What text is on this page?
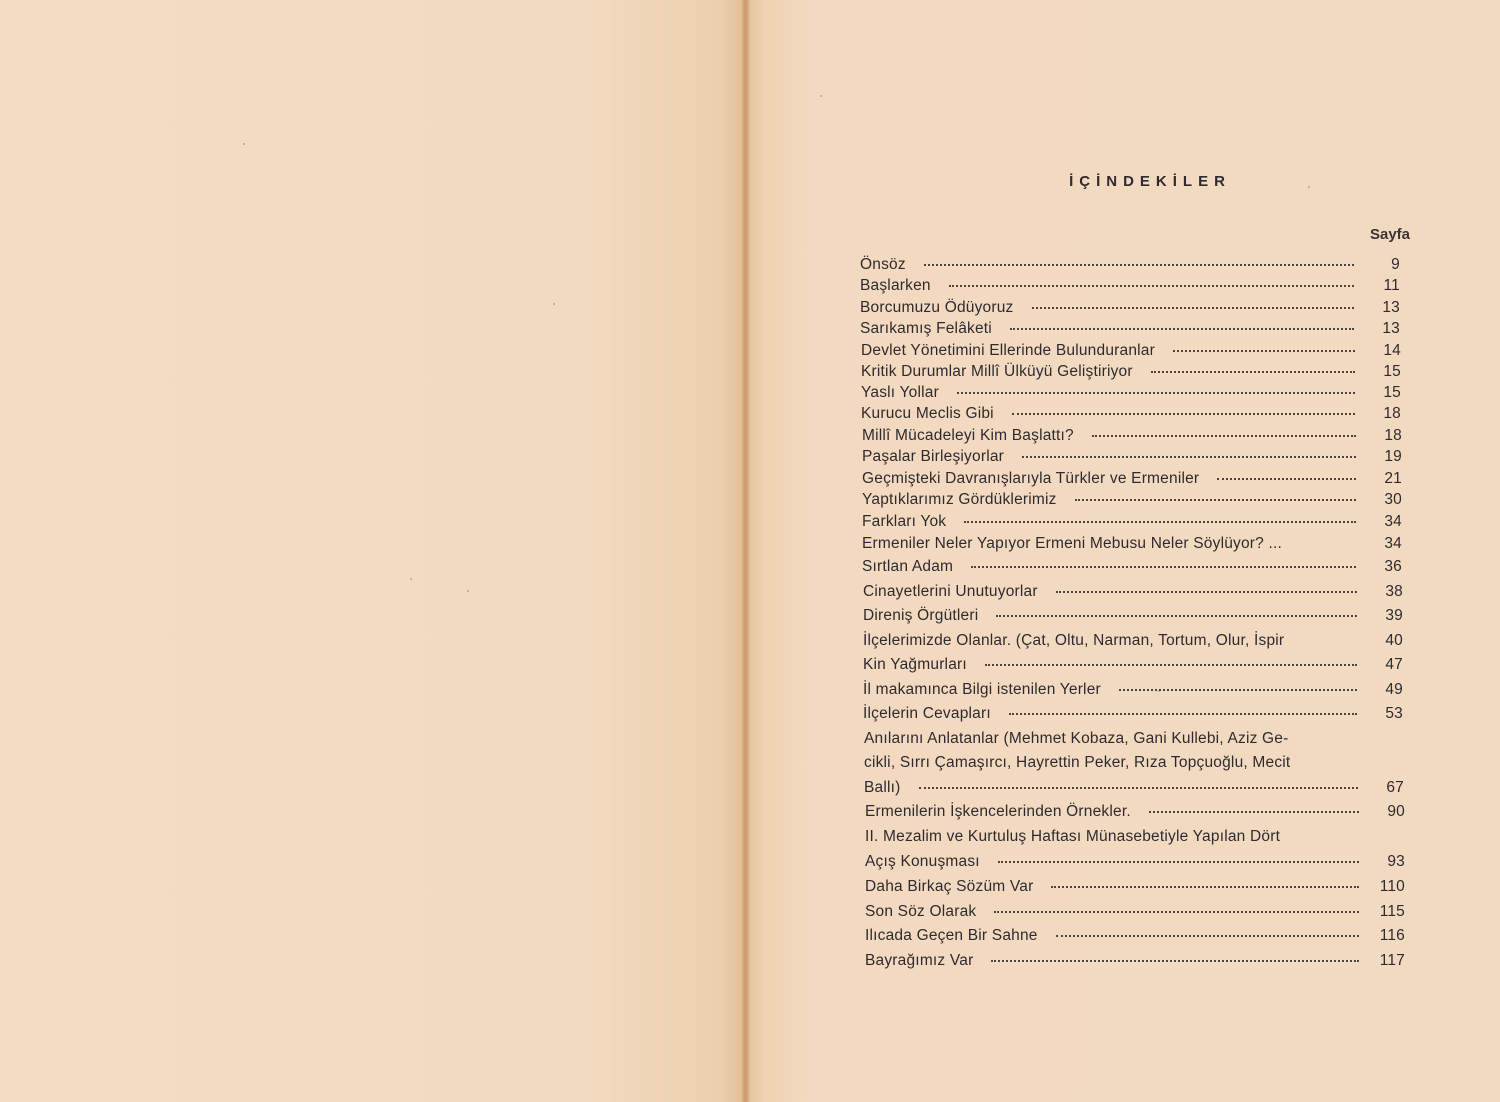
İÇİNDEKİLER
Sayfa
Önsöz	9
Başlarken	11
Borcumuzu Ödüyoruz	13
Sarıkamış Felâketi	13
Devlet Yönetimini Ellerinde Bulunduranlar	14
Kritik Durumlar Millî Ülküyü Geliştiriyor	15
Yaslı Yollar	15
Kurucu Meclis Gibi	18
Millî Mücadeleyi Kim Başlattı?	18
Paşalar Birleşiyorlar	19
Geçmişteki Davranışlarıyla Türkler ve Ermeniler	21
Yaptıklarımız Gördüklerimiz	30
Farkları Yok	34
Ermeniler Neler Yapıyor Ermeni Mebusu Neler Söylüyor? ...	34
Sırtlan Adam	36
Cinayetlerini Unutuyorlar	38
Direniş Örgütleri	39
İlçelerimizde Olanlar. (Çat, Oltu, Narman, Tortum, Olur, İspir	40
Kin Yağmurları	47
İl makamınca Bilgi istenilen Yerler	49
İlçelerin Cevapları	53
Anılarını Anlatanlar (Mehmet Kobaza, Gani Kullebi, Aziz Ge-
cikli, Sırrı Çamaşırcı, Hayrettin Peker, Rıza Topçuoğlu, Mecit
Ballı)	67
Ermenilerin İşkencelerinden Örnekler.	90
II. Mezalim ve Kurtuluş Haftası Münasebetiyle Yapılan Dört
Açış Konuşması	93
Daha Birkaç Sözüm Var	110
Son Söz Olarak	115
Ilıcada Geçen Bir Sahne	116
Bayrağımız Var	117
